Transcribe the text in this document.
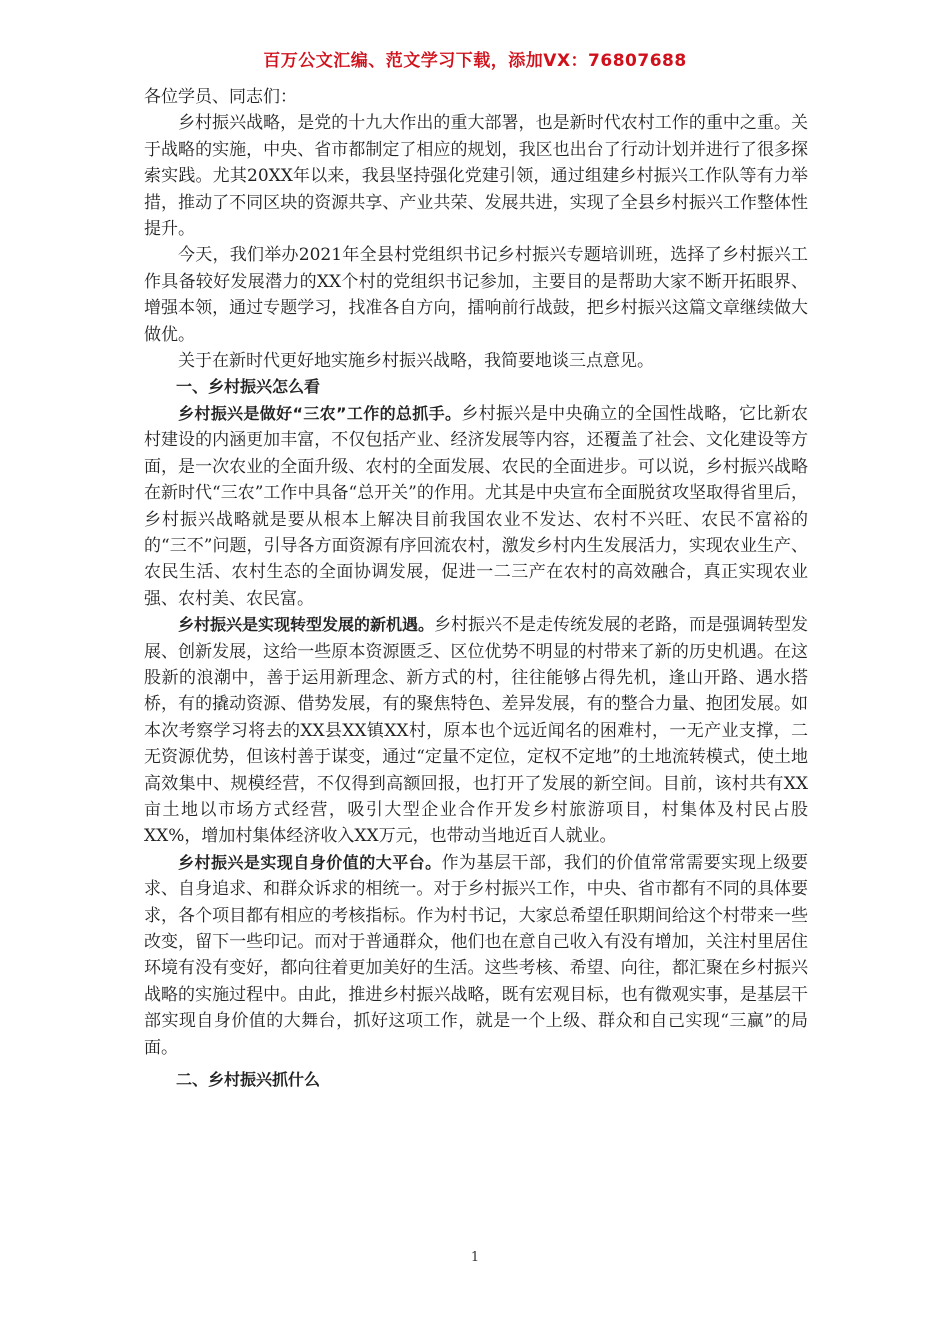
百万公文汇编、范文学习下载，添加VX：76807688

各位学员、同志们：

乡村振兴战略，是党的十九大作出的重大部署，也是新时代农村工作的重中之重。关于战略的实施，中央、省市都制定了相应的规划，我区也出台了行动计划并进行了很多探索实践。尤其20XX年以来，我县坚持强化党建引领，通过组建乡村振兴工作队等有力举措，推动了不同区块的资源共享、产业共荣、发展共进，实现了全县乡村振兴工作整体性提升。

今天，我们举办2021年全县村党组织书记乡村振兴专题培训班，选择了乡村振兴工作具备较好发展潜力的XX个村的党组织书记参加，主要目的是帮助大家不断开拓眼界、增强本领，通过专题学习，找准各自方向，擂响前行战鼓，把乡村振兴这篇文章继续做大做优。

关于在新时代更好地实施乡村振兴战略，我简要地谈三点意见。

一、乡村振兴怎么看

乡村振兴是做好“三农”工作的总抓手。乡村振兴是中央确立的全国性战略，它比新农村建设的内涵更加丰富，不仅包括产业、经济发展等内容，还覆盖了社会、文化建设等方面，是一次农业的全面升级、农村的全面发展、农民的全面进步。可以说，乡村振兴战略在新时代“三农”工作中具备“总开关”的作用。尤其是中央宣布全面脱贫攻坚取得省里后，乡村振兴战略就是要从根本上解决目前我国农业不发达、农村不兴旺、农民不富裕的的“三不”问题，引导各方面资源有序回流农村，激发乡村内生发展活力，实现农业生产、农民生活、农村生态的全面协调发展，促进一二三产在农村的高效融合，真正实现农业强、农村美、农民富。

乡村振兴是实现转型发展的新机遇。乡村振兴不是走传统发展的老路，而是强调转型发展、创新发展，这给一些原本资源匮乏、区位优势不明显的村带来了新的历史机遇。在这股新的浪潮中，善于运用新理念、新方式的村，往往能够占得先机，逢山开路、遇水搭桥，有的撬动资源、借势发展，有的聚焦特色、差异发展，有的整合力量、抱团发展。如本次考察学习将去的XX县XX镇XX村，原本也个远近闻名的困难村，一无产业支撑，二无资源优势，但该村善于谋变，通过“定量不定位，定权不定地”的土地流转模式，使土地高效集中、规模经营，不仅得到高额回报，也打开了发展的新空间。目前，该村共有XX亩土地以市场方式经营，吸引大型企业合作开发乡村旅游项目，村集体及村民占股XX%，增加村集体经济收入XX万元，也带动当地近百人就业。

乡村振兴是实现自身价值的大平台。作为基层干部，我们的价值常常需要实现上级要求、自身追求、和群众诉求的相统一。对于乡村振兴工作，中央、省市都有不同的具体要求，各个项目都有相应的考核指标。作为村书记，大家总希望任职期间给这个村带来一些改变，留下一些印记。而对于普通群众，他们也在意自己收入有没有增加，关注村里居住环境有没有变好，都向往着更加美好的生活。这些考核、希望、向往，都汇聚在乡村振兴战略的实施过程中。由此，推进乡村振兴战略，既有宏观目标，也有微观实事，是基层干部实现自身价值的大舞台，抓好这项工作，就是一个上级、群众和自己实现“三赢”的局面。

二、乡村振兴抓什么

1
